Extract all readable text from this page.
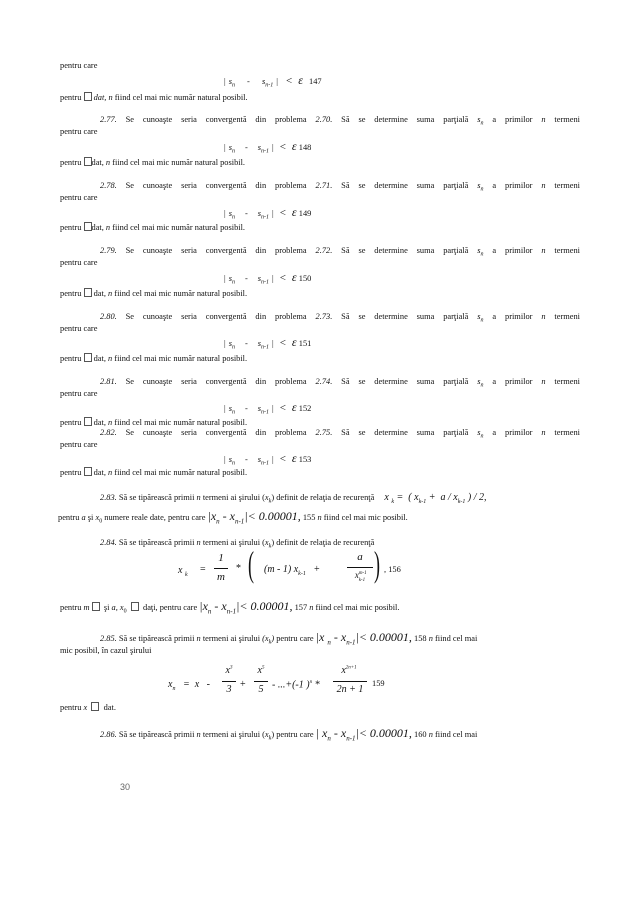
pentru care
| $s_n - s_{n-1}$ | < ε 147
pentru  dat, n fiind cel mai mic număr natural posibil.
2.77. Se cunoaşte seria convergentă din problema 2.70. Să se determine suma parţială $s_n$ a primilor n termeni
pentru care
| $s_n - s_{n-1}$ | < ε 148
pentru dat, n fiind cel mai mic număr natural posibil.
2.78. Se cunoaşte seria convergentă din problema 2.71. Să se determine suma parţială $s_n$ a primilor n termeni
pentru care
| $s_n - s_{n-1}$ | < ε 149
pentru dat, n fiind cel mai mic număr natural posibil.
2.79. Se cunoaşte seria convergentă din problema 2.72. Să se determine suma parţială $s_n$ a primilor n termeni
pentru care
| $s_n - s_{n-1}$ | < ε 150
pentru  dat, n fiind cel mai mic număr natural posibil.
2.80. Se cunoaşte seria convergentă din problema 2.73. Să se determine suma parţială $s_n$ a primilor n termeni
pentru care
| $s_n - s_{n-1}$ | < ε 151
pentru  dat, n fiind cel mai mic număr natural posibil.
2.81. Se cunoaşte seria convergentă din problema 2.74. Să se determine suma parţială $s_n$ a primilor n termeni
pentru care
| $s_n - s_{n-1}$ | < ε 152
pentru  dat, n fiind cel mai mic număr natural posibil.
2.82. Se cunoaşte seria convergentă din problema 2.75. Să se determine suma parţială $s_n$ a primilor n termeni
pentru care
| $s_n - s_{n-1}$ | < ε 153
pentru  dat, n fiind cel mai mic număr natural posibil.
2.83. Să se tipărească primii n termeni ai şirului $(x_k)$ definit de relaţia de recurenţă x $_k$ =  ( $x_{k-1} + a / x_{k-1}$ ) / 2,
pentru a şi $x_0$ numere reale date, pentru care $|x_n - x_{n-1}|< 0.00001$, 155 n fiind cel mai mic posibil.
2.84. Să se tipărească primii n termeni ai şirului $(x_k)$ definit de relaţia de recurenţă
x $_k$ =
1
m
* ( (m - 1) $x_{k-1}$   +
a
$x^{m-1}_{k-1}$ ) , 156
pentru m   şi a, $x_0$    daţi, pentru care $|x_n - x_{n-1}|< 0.00001$, 157 n fiind cel mai mic posibil.
2.85. Să se tipărească primii n termeni ai şirului $(x_k)$ pentru care |x $_n - x_{n-1}|< 0.00001$, 158 n fiind cel mai
mic posibil, în cazul şirului
$x_n = x$   -
$x^3$
3 +
$x^5$
5 - ...+(-1 )$^n$ *
$x^{2n+1}$
2n + 1
159
pentru x    dat.
2.86. Să se tipărească primii n termeni ai şirului $(x_k)$ pentru care | $x_n - x_{n-1}|< 0.00001$, 160 n fiind cel mai
30
